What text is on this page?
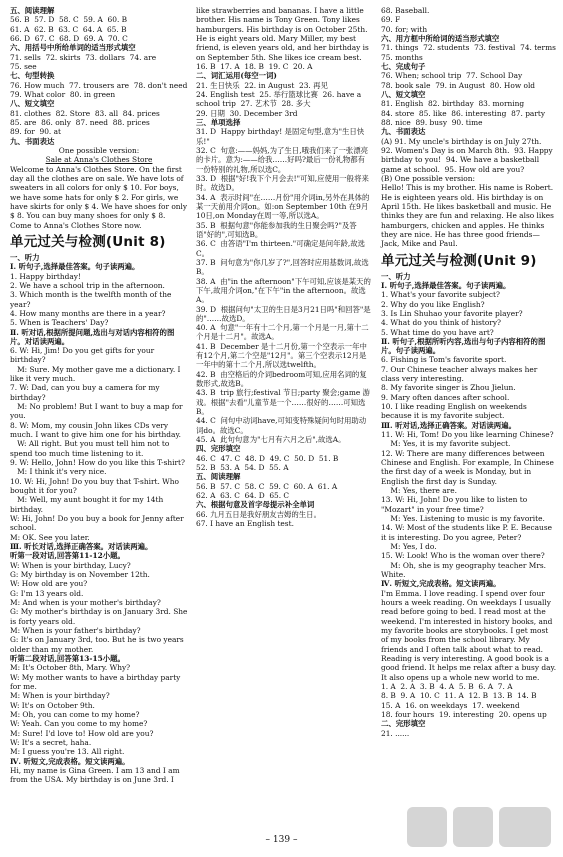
五、阅读理解
56. B  57. D  58. C  59. A  60. B
61. A  62. B  63. C  64. A  65. B
66. D  67. C  68. D  69. A  70. C
六、用括号中所给单词的适当形式填空
71. sells  72. skirts  73. dollars  74. are
75. see
七、句型转换
76. How much  77. trousers are  78. don't need  79. What color  80. in green
八、短文填空
81. clothes  82. Store  83. all  84. prices
85. are  86. only  87. need  88. prices
89. for  90. at
九、书面表达
One possible version:
Sale at Anna's Clothes Store
Welcome to Anna's Clothes Store. On the first day all the clothes are on sale. We have lots of sweaters in all colors for only $ 10. For boys, we have some hats for only $ 2. For girls, we have skirts for only $ 4. We have shoes for only $ 8. You can buy many shoes for only $ 8. Come to Anna's Clothes Store now.
单元过关与检测(Unit 8)
一、听力
Ⅰ. 听句子,选择最佳答案。句子读两遍。
1. Happy birthday!
2. We have a school trip in the afternoon.
3. Which month is the twelfth month of the year?
4. How many months are there in a year?
5. When is Teachers' Day?
Ⅱ. 听对话,根据所提问题,选出与对话内容相符的图片。对话读两遍。
6. W: Hi, Jim! Do you get gifts for your birthday?
M: Sure. My mother gave me a dictionary. I like it very much.
7. W: Dad, can you buy a camera for my birthday?
M: No problem! But I want to buy a map for you.
8. W: Mom, my cousin John likes CDs very much. I want to give him one for his birthday.
W: All right. But you must tell him not to spend too much time listening to it.
9. W: Hello, John! How do you like this T-shirt?
M: I think it's very nice.
10. W: Hi, John! Do you buy that T-shirt. Who bought it for you?
M: Well, my aunt bought it for my 14th birthday.
W: Hi, John! Do you buy a book for Jenny after school.
M: OK. See you later.
Ⅲ. 听长对话,选择正确答案。对话读两遍。
听第一段对话,回答第11-12小题。
W: When is your birthday, Lucy?
G: My birthday is on November 12th.
W: How old are you?
G: I'm 13 years old.
M: And when is your mother's birthday?
G: My mother's birthday is on January 3rd. She is forty years old.
M: When is your father's birthday?
G: It's on January 3rd, too. But he is two years older than my mother.
听第二段对话,回答第13-15小题。
M: It's October 8th, Mary. Why?
W: My mother wants to have a birthday party for me.
M: When is your birthday?
W: It's on October 9th.
M: Oh, you can come to my home?
W: Yeah. Can you come to my home?
M: Sure! I'd love to! How old are you?
W: It's a secret, haha.
M: I guess you're 13. All right.
Ⅳ. 听短文,完成表格。短文读两遍。
Hi, my name is Gina Green. I am 13 and I am from the USA. My birthday is on June 3rd. I
like strawberries and bananas. I have a little brother. His name is Tony Green. Tony likes hamburgers. His birthday is on October 25th. He is eight years old. Mary Miller, my best friend, is eleven years old, and her birthday is on September 5th. She likes ice cream best.
16. B  17. A  18. B  19. C  20. A
二、词汇运用(每空一词)
21. 生日快乐  22. in August  23. 再见
24. English test  25. 举行篮球比赛  26. have a school trip  27. 艺术节  28. 多大
29. 日期  30. December 3rd
三、单项选择
31. D  Happy birthday! 是固定句型,意为"生日快乐!"
32. C  句意:——妈妈,为了生日,哦我们来了一张漂亮的卡片。意为:——给我……好吗?最后一份礼物都有一份特别的礼物,所以选C。
33. D  根据"好!我下个月会去!"可知,应使用一般将来时。故选D。
34. A  表示时间"在……月份"用介词in,另外在具体的某一天前用介词on。如:on September 10th 在9月10日,on Monday在周一等,所以选A。
35. B  根据句意"你能参加我的生日聚会吗?"及答语"好的",可知选B。
36. C  由答语"I'm thirteen."可确定是问年龄,故选C。
37. B  问句意为"你几岁了?",回答时应用基数词,故选B。
38. A  由"in the afternoon"下午可知,应该是某天的下午,故用介词on,"在下午"in the afternoon。故选A。
39. D  根据问句"太卫的生日是3月21日吗"和回答"是的"……故选D。
40. A  句意"一年有十二个月,第一个月是一月,第十二个月是十二月"。故选A。
41. B  December 是十二月份,第一个空表示一年中有12个月,第二个空是"12月"。第三个空表示12月是一年中的第十二个月,所以选twelfth。
42. B  由空格后的介词bedroom可知,应用名词的复数形式,故选B。
43. B  trip 旅行;festival 节日;party 聚会;game 游戏。根据"去看"儿童节是一个……很好的……可知选B。
44. C  问句中动词have,可知变特殊疑问句时用助动词do。故选C。
45. A  此句句意为"七月有六月之后",故选A。
四、完形填空
46. C  47. C  48. D  49. C  50. D  51. B
52. B  53. A  54. D  55. A
五、阅读理解
56. B  57. C  58. C  59. C  60. A  61. A
62. A  63. C  64. D  65. C
六、根据句意及首字母提示补全单词
66. 九月五日是我好朋友吉姆的生日。
67. I have an English test.
68. Baseball.
69. F
70. for; with
六、用方框中所给词的适当形式填空
71. things  72. students  73. festival  74. terms
75. months
七、完成句子
76. When; school trip  77. School Day
78. book sale  79. in August  80. How old
八、短文填空
81. English  82. birthday  83. morning
84. store  85. like  86. interesting  87. party
88. nice  89. busy  90. time
九、书面表达
(A) 91. My uncle's birthday is on July 27th.
92. Women's Day is on March 8th.  93. Happy birthday to you!  94. We have a basketball game at school.  95. How old are you?
(B) One possible version:
Hello! This is my brother. His name is Robert. He is eighteen years old. His birthday is on April 15th. He likes basketball and music. He thinks they are fun and relaxing. He also likes hamburgers, chicken and apples. He thinks they are nice. He has three good friends—Jack, Mike and Paul.
单元过关与检测(Unit 9)
一、听力
Ⅰ. 听句子,选择最佳答案。句子读两遍。
1. What's your favorite subject?
2. Why do you like English?
3. Is Lin Shuhao your favorite player?
4. What do you think of history?
5. What time do you have art?
Ⅱ. 听句子,根据所听内容,选出与句子内容相符的图片。句子读两遍。
6. Fishing is Tom's favorite sport.
7. Our Chinese teacher always makes her class very interesting.
8. My favorite singer is Zhou Jielun.
9. Mary often dances after school.
10. I like reading English on weekends because it is my favorite subject.
Ⅲ. 听对话,选择正确答案。对话读两遍。
11. W: Hi, Tom! Do you like learning Chinese?
M: Yes, it is my favorite subject.
12. W: There are many differences between Chinese and English. For example, In Chinese the first day of a week is Monday, but in English the first day is Sunday.
M: Yes, there are.
13. W: Hi, John! Do you like to listen to "Mozart" in your free time?
M: Yes. Listening to music is my favorite.
14. W: Most of the students like P. E. Because it is interesting. Do you agree, Peter?
M: Yes, I do.
15. W: Look! Who is the woman over there?
M: Oh, she is my geography teacher Mrs. White.
Ⅳ. 听短文,完成表格。短文读两遍。
I'm Emma. I love reading. I spend over four hours a week reading. On weekdays I usually read before going to bed. I read most at the weekend. I'm interested in history books, and my favorite books are storybooks. I get most of my books from the school library. My friends and I often talk about what to read. Reading is very interesting. A good book is a good friend. It helps me relax after a busy day. It also opens up a whole new world to me.
1. A  2. A  3. B  4. A  5. B  6. A  7. A
8. B  9. A  10. C  11. A  12. B  13. B  14. B
15. A  16. on weekdays  17. weekend
18. four hours  19. interesting  20. opens up
二、完形填空
21. ......
– 139 –
